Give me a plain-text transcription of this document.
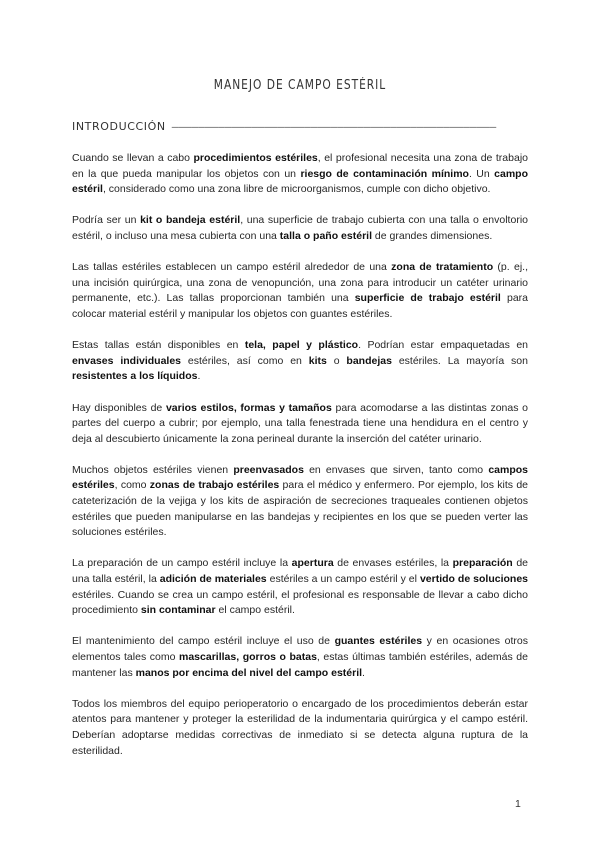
MANEJO DE CAMPO ESTÉRIL
INTRODUCCIÓN –––––––––––––––––––––––––––––––––––––––––––––––––

Cuando se llevan a cabo procedimientos estériles, el profesional necesita una zona de trabajo en la que pueda manipular los objetos con un riesgo de contaminación mínimo. Un campo estéril, considerado como una zona libre de microorganismos, cumple con dicho objetivo.

Podría ser un kit o bandeja estéril, una superficie de trabajo cubierta con una talla o envoltorio estéril, o incluso una mesa cubierta con una talla o paño estéril de grandes dimensiones.

Las tallas estériles establecen un campo estéril alrededor de una zona de tratamiento (p. ej., una incisión quirúrgica, una zona de venopunción, una zona para introducir un catéter urinario permanente, etc.). Las tallas proporcionan también una superficie de trabajo estéril para colocar material estéril y manipular los objetos con guantes estériles.

Estas tallas están disponibles en tela, papel y plástico. Podrían estar empaquetadas en envases individuales estériles, así como en kits o bandejas estériles. La mayoría son resistentes a los líquidos.

Hay disponibles de varios estilos, formas y tamaños para acomodarse a las distintas zonas o partes del cuerpo a cubrir; por ejemplo, una talla fenestrada tiene una hendidura en el centro y deja al descubierto únicamente la zona perineal durante la inserción del catéter urinario.

Muchos objetos estériles vienen preenvasados en envases que sirven, tanto como campos estériles, como zonas de trabajo estériles para el médico y enfermero. Por ejemplo, los kits de cateterización de la vejiga y los kits de aspiración de secreciones traqueales contienen objetos estériles que pueden manipularse en las bandejas y recipientes en los que se pueden verter las soluciones estériles.

La preparación de un campo estéril incluye la apertura de envases estériles, la preparación de una talla estéril, la adición de materiales estériles a un campo estéril y el vertido de soluciones estériles. Cuando se crea un campo estéril, el profesional es responsable de llevar a cabo dicho procedimiento sin contaminar el campo estéril.

El mantenimiento del campo estéril incluye el uso de guantes estériles y en ocasiones otros elementos tales como mascarillas, gorros o batas, estas últimas también estériles, además de mantener las manos por encima del nivel del campo estéril.

Todos los miembros del equipo perioperatorio o encargado de los procedimientos deberán estar atentos para mantener y proteger la esterilidad de la indumentaria quirúrgica y el campo estéril. Deberían adoptarse medidas correctivas de inmediato si se detecta alguna ruptura de la esterilidad.

1
